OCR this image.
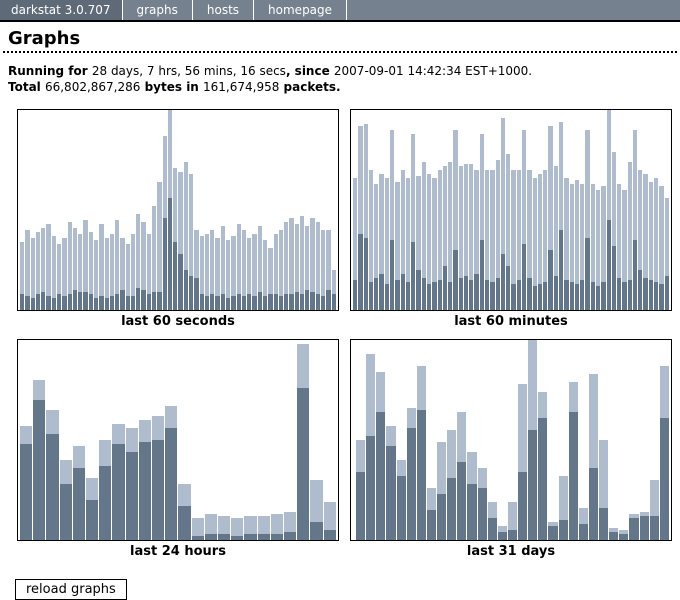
darkstat 3.0.707	graphs	hosts	homepage
Graphs
Running for 28 days, 7 hrs, 56 mins, 16 secs, since 2007-09-01 14:42:34 EST+1000.
Total 66,802,867,286 bytes in 161,674,958 packets.
last 60 seconds	last 60 minutes
last 24 hours	last 31 days
reload graphs
